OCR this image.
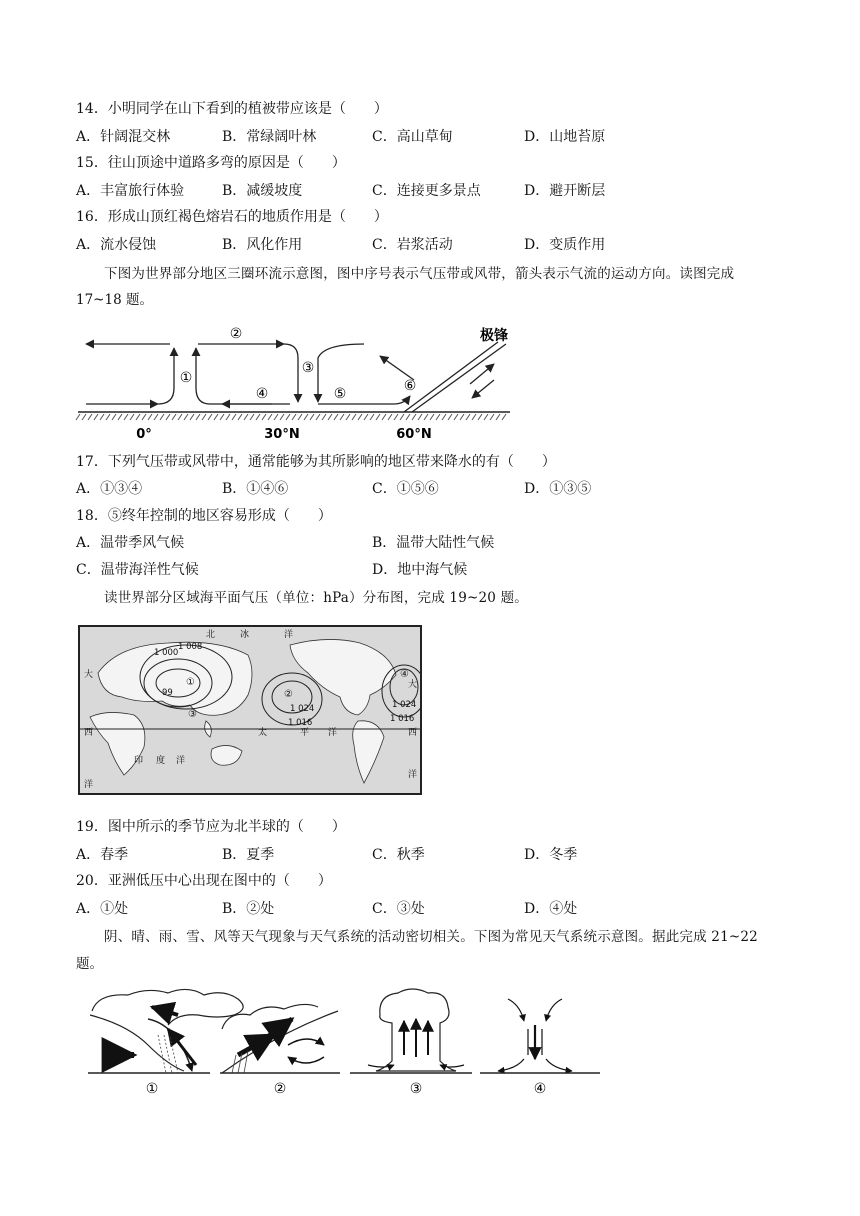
14．小明同学在山下看到的植被带应该是（　　）
A．针阔混交林	B．常绿阔叶林	C．高山草甸	D．山地苔原
15．往山顶途中道路多弯的原因是（　　）
A．丰富旅行体验	B．减缓坡度	C．连接更多景点	D．避开断层
16．形成山顶红褐色熔岩石的地质作用是（　　）
A．流水侵蚀	B．风化作用	C．岩浆活动	D．变质作用
下图为世界部分地区三圈环流示意图，图中序号表示气压带或风带，箭头表示气流的运动方向。读图完成
17~18 题。
②
①
③
④	⑤	⑥
极锋
0°	30°N	60°N
17．下列气压带或风带中，通常能够为其所影响的地区带来降水的有（　　）
A．①③④	B．①④⑥	C．①⑤⑥	D．①③⑤
18．⑤终年控制的地区容易形成（　　）
A．温带季风气候	B．温带大陆性气候
C．温带海洋性气候	D．地中海气候
读世界部分区域海平面气压（单位：hPa）分布图，完成 19~20 题。
1 000
1 008
99
1 024
1 016
1 024
1 016
①
②
③
④
北	冰	洋
大
西
洋
印 度 洋
太	平 洋
大
洋
西
19．图中所示的季节应为北半球的（　　）
A．春季	B．夏季	C．秋季	D．冬季
20．亚洲低压中心出现在图中的（　　）
A．①处	B．②处	C．③处	D．④处
阴、晴、雨、雪、风等天气现象与天气系统的活动密切相关。下图为常见天气系统示意图。据此完成 21~22
题。
①	②	③	④
